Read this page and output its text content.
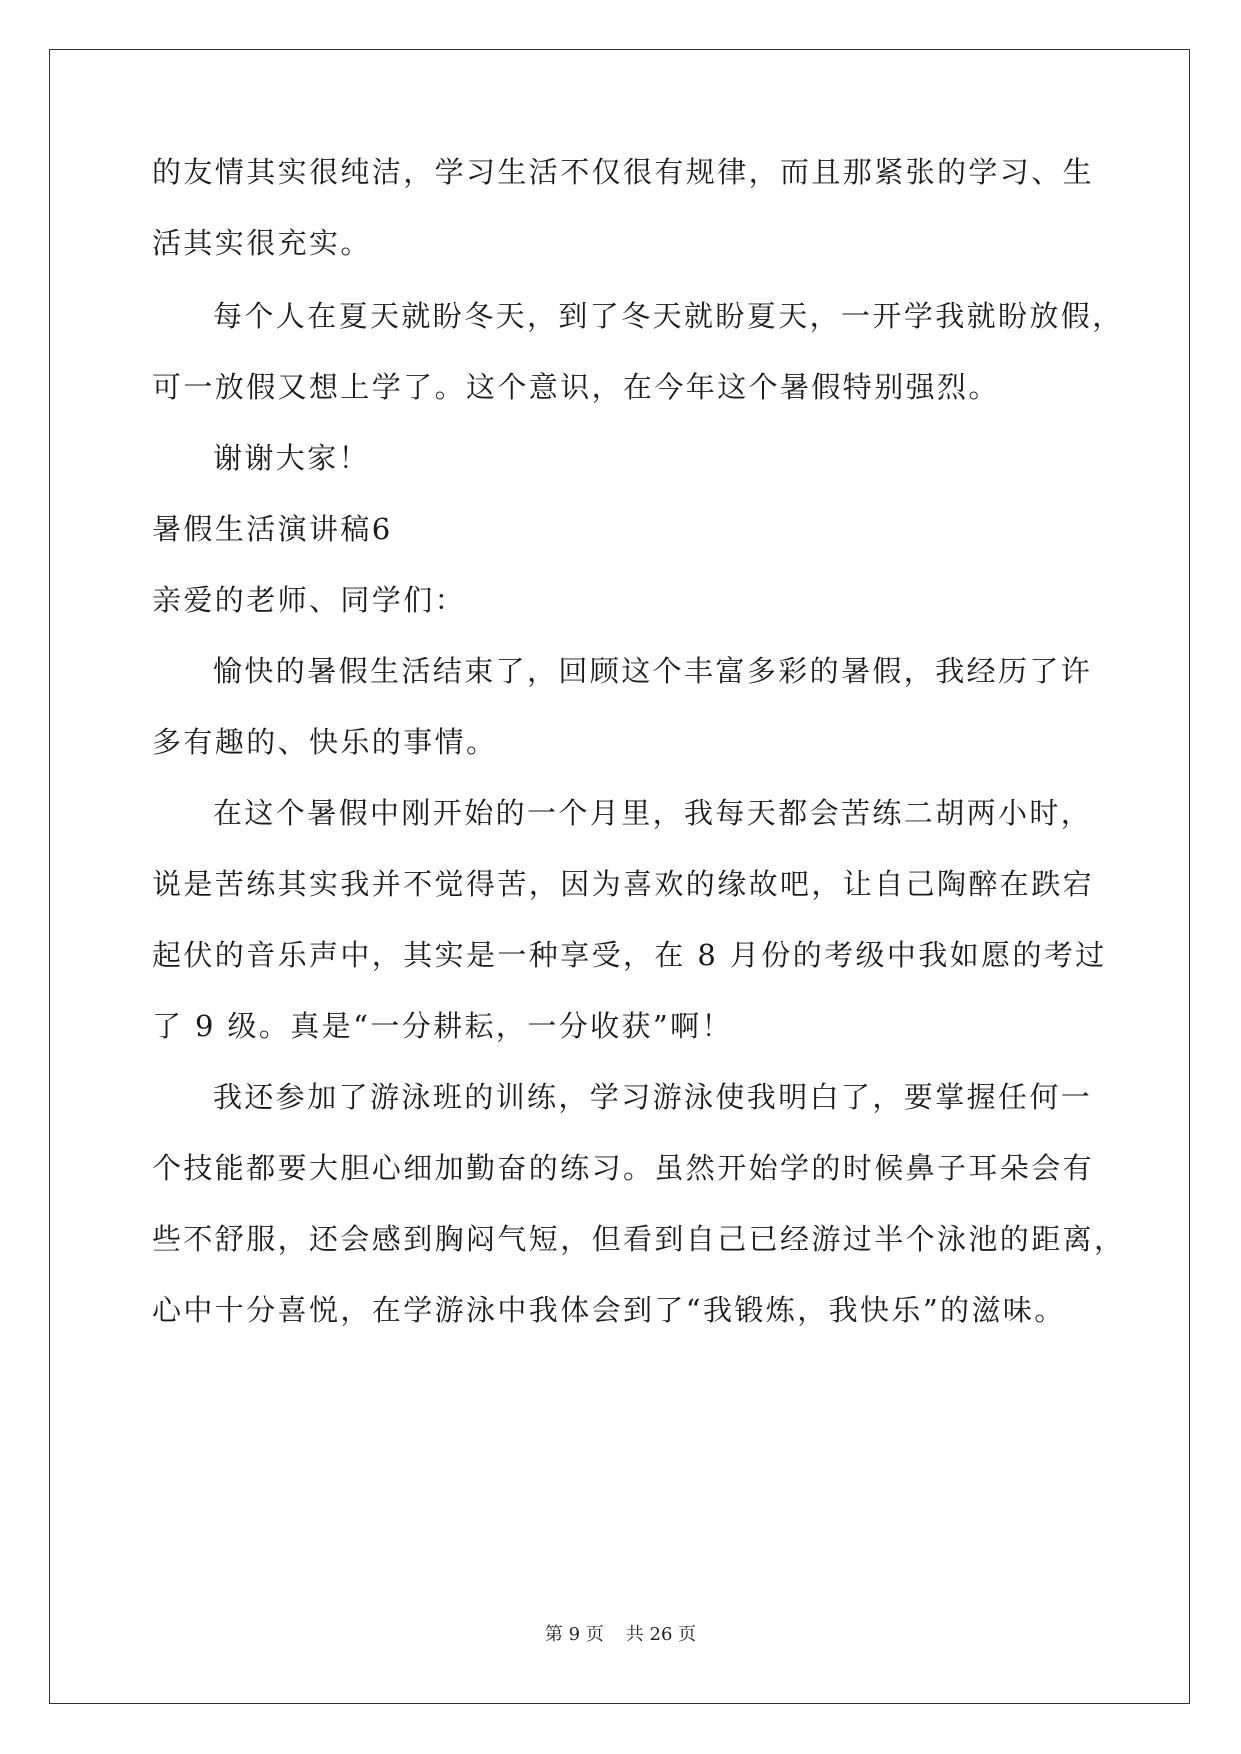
的友情其实很纯洁，学习生活不仅很有规律，而且那紧张的学习、生
活其实很充实。
每个人在夏天就盼冬天，到了冬天就盼夏天，一开学我就盼放假，
可一放假又想上学了。这个意识，在今年这个暑假特别强烈。
谢谢大家！
暑假生活演讲稿6
亲爱的老师、同学们：
愉快的暑假生活结束了，回顾这个丰富多彩的暑假，我经历了许
多有趣的、快乐的事情。
在这个暑假中刚开始的一个月里，我每天都会苦练二胡两小时，
说是苦练其实我并不觉得苦，因为喜欢的缘故吧，让自己陶醉在跌宕
起伏的音乐声中，其实是一种享受，在 8 月份的考级中我如愿的考过
了 9 级。真是“一分耕耘，一分收获”啊！
我还参加了游泳班的训练，学习游泳使我明白了，要掌握任何一
个技能都要大胆心细加勤奋的练习。虽然开始学的时候鼻子耳朵会有
些不舒服，还会感到胸闷气短，但看到自己已经游过半个泳池的距离，
心中十分喜悦，在学游泳中我体会到了“我锻炼，我快乐”的滋味。
第 9 页 共 26 页
